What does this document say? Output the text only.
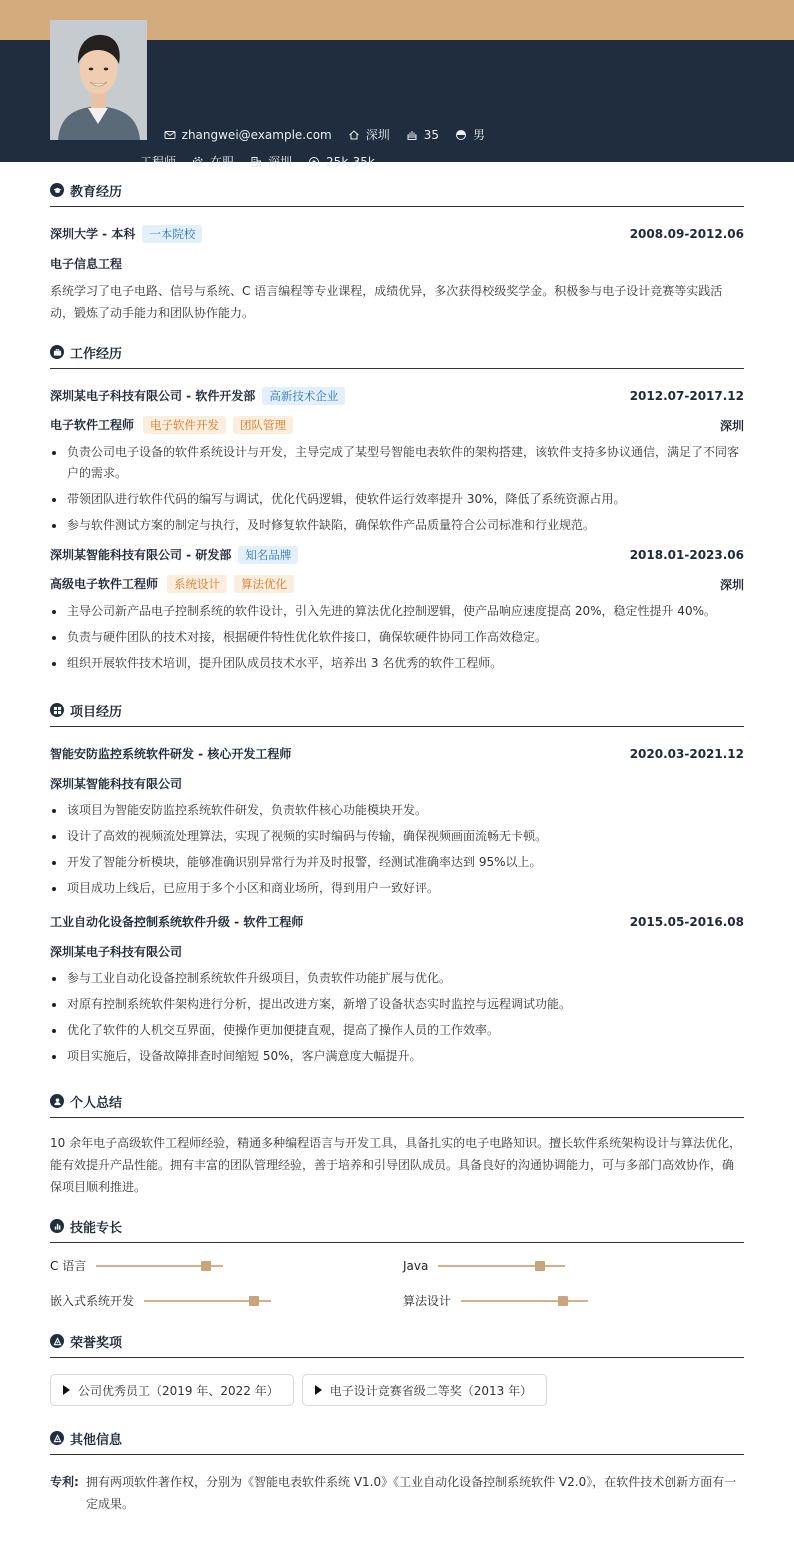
zhangwei@example.com	深圳	35	男
工程师	在职	深圳	25k-35k
教育经历
深圳大学 - 本科 一本院校	2008.09-2012.06
电子信息工程
系统学习了电子电路、信号与系统、C 语言编程等专业课程，成绩优异，多次获得校级奖学金。积极参与电子设计竞赛等实践活动，锻炼了动手能力和团队协作能力。
工作经历
深圳某电子科技有限公司 - 软件开发部 高新技术企业	2012.07-2017.12
电子软件工程师 电子软件开发 团队管理	深圳
负责公司电子设备的软件系统设计与开发，主导完成了某型号智能电表软件的架构搭建，该软件支持多协议通信，满足了不同客户的需求。
带领团队进行软件代码的编写与调试，优化代码逻辑，使软件运行效率提升 30%，降低了系统资源占用。
参与软件测试方案的制定与执行，及时修复软件缺陷，确保软件产品质量符合公司标准和行业规范。
深圳某智能科技有限公司 - 研发部 知名品牌	2018.01-2023.06
高级电子软件工程师 系统设计 算法优化	深圳
主导公司新产品电子控制系统的软件设计，引入先进的算法优化控制逻辑，使产品响应速度提高 20%，稳定性提升 40%。
负责与硬件团队的技术对接，根据硬件特性优化软件接口，确保软硬件协同工作高效稳定。
组织开展软件技术培训，提升团队成员技术水平，培养出 3 名优秀的软件工程师。
项目经历
智能安防监控系统软件研发 - 核心开发工程师	2020.03-2021.12
深圳某智能科技有限公司
该项目为智能安防监控系统软件研发，负责软件核心功能模块开发。
设计了高效的视频流处理算法，实现了视频的实时编码与传输，确保视频画面流畅无卡顿。
开发了智能分析模块，能够准确识别异常行为并及时报警，经测试准确率达到 95%以上。
项目成功上线后，已应用于多个小区和商业场所，得到用户一致好评。
工业自动化设备控制系统软件升级 - 软件工程师	2015.05-2016.08
深圳某电子科技有限公司
参与工业自动化设备控制系统软件升级项目，负责软件功能扩展与优化。
对原有控制系统软件架构进行分析，提出改进方案，新增了设备状态实时监控与远程调试功能。
优化了软件的人机交互界面，使操作更加便捷直观，提高了操作人员的工作效率。
项目实施后，设备故障排查时间缩短 50%，客户满意度大幅提升。
个人总结
10 余年电子高级软件工程师经验，精通多种编程语言与开发工具，具备扎实的电子电路知识。擅长软件系统架构设计与算法优化，能有效提升产品性能。拥有丰富的团队管理经验，善于培养和引导团队成员。具备良好的沟通协调能力，可与多部门高效协作，确保项目顺利推进。
技能专长
C 语言	Java
嵌入式系统开发	算法设计
荣誉奖项
公司优秀员工（2019 年、2022 年）	电子设计竞赛省级二等奖（2013 年）
其他信息
专利: 拥有两项软件著作权，分别为《智能电表软件系统 V1.0》《工业自动化设备控制系统软件 V2.0》，在软件技术创新方面有一定成果。
